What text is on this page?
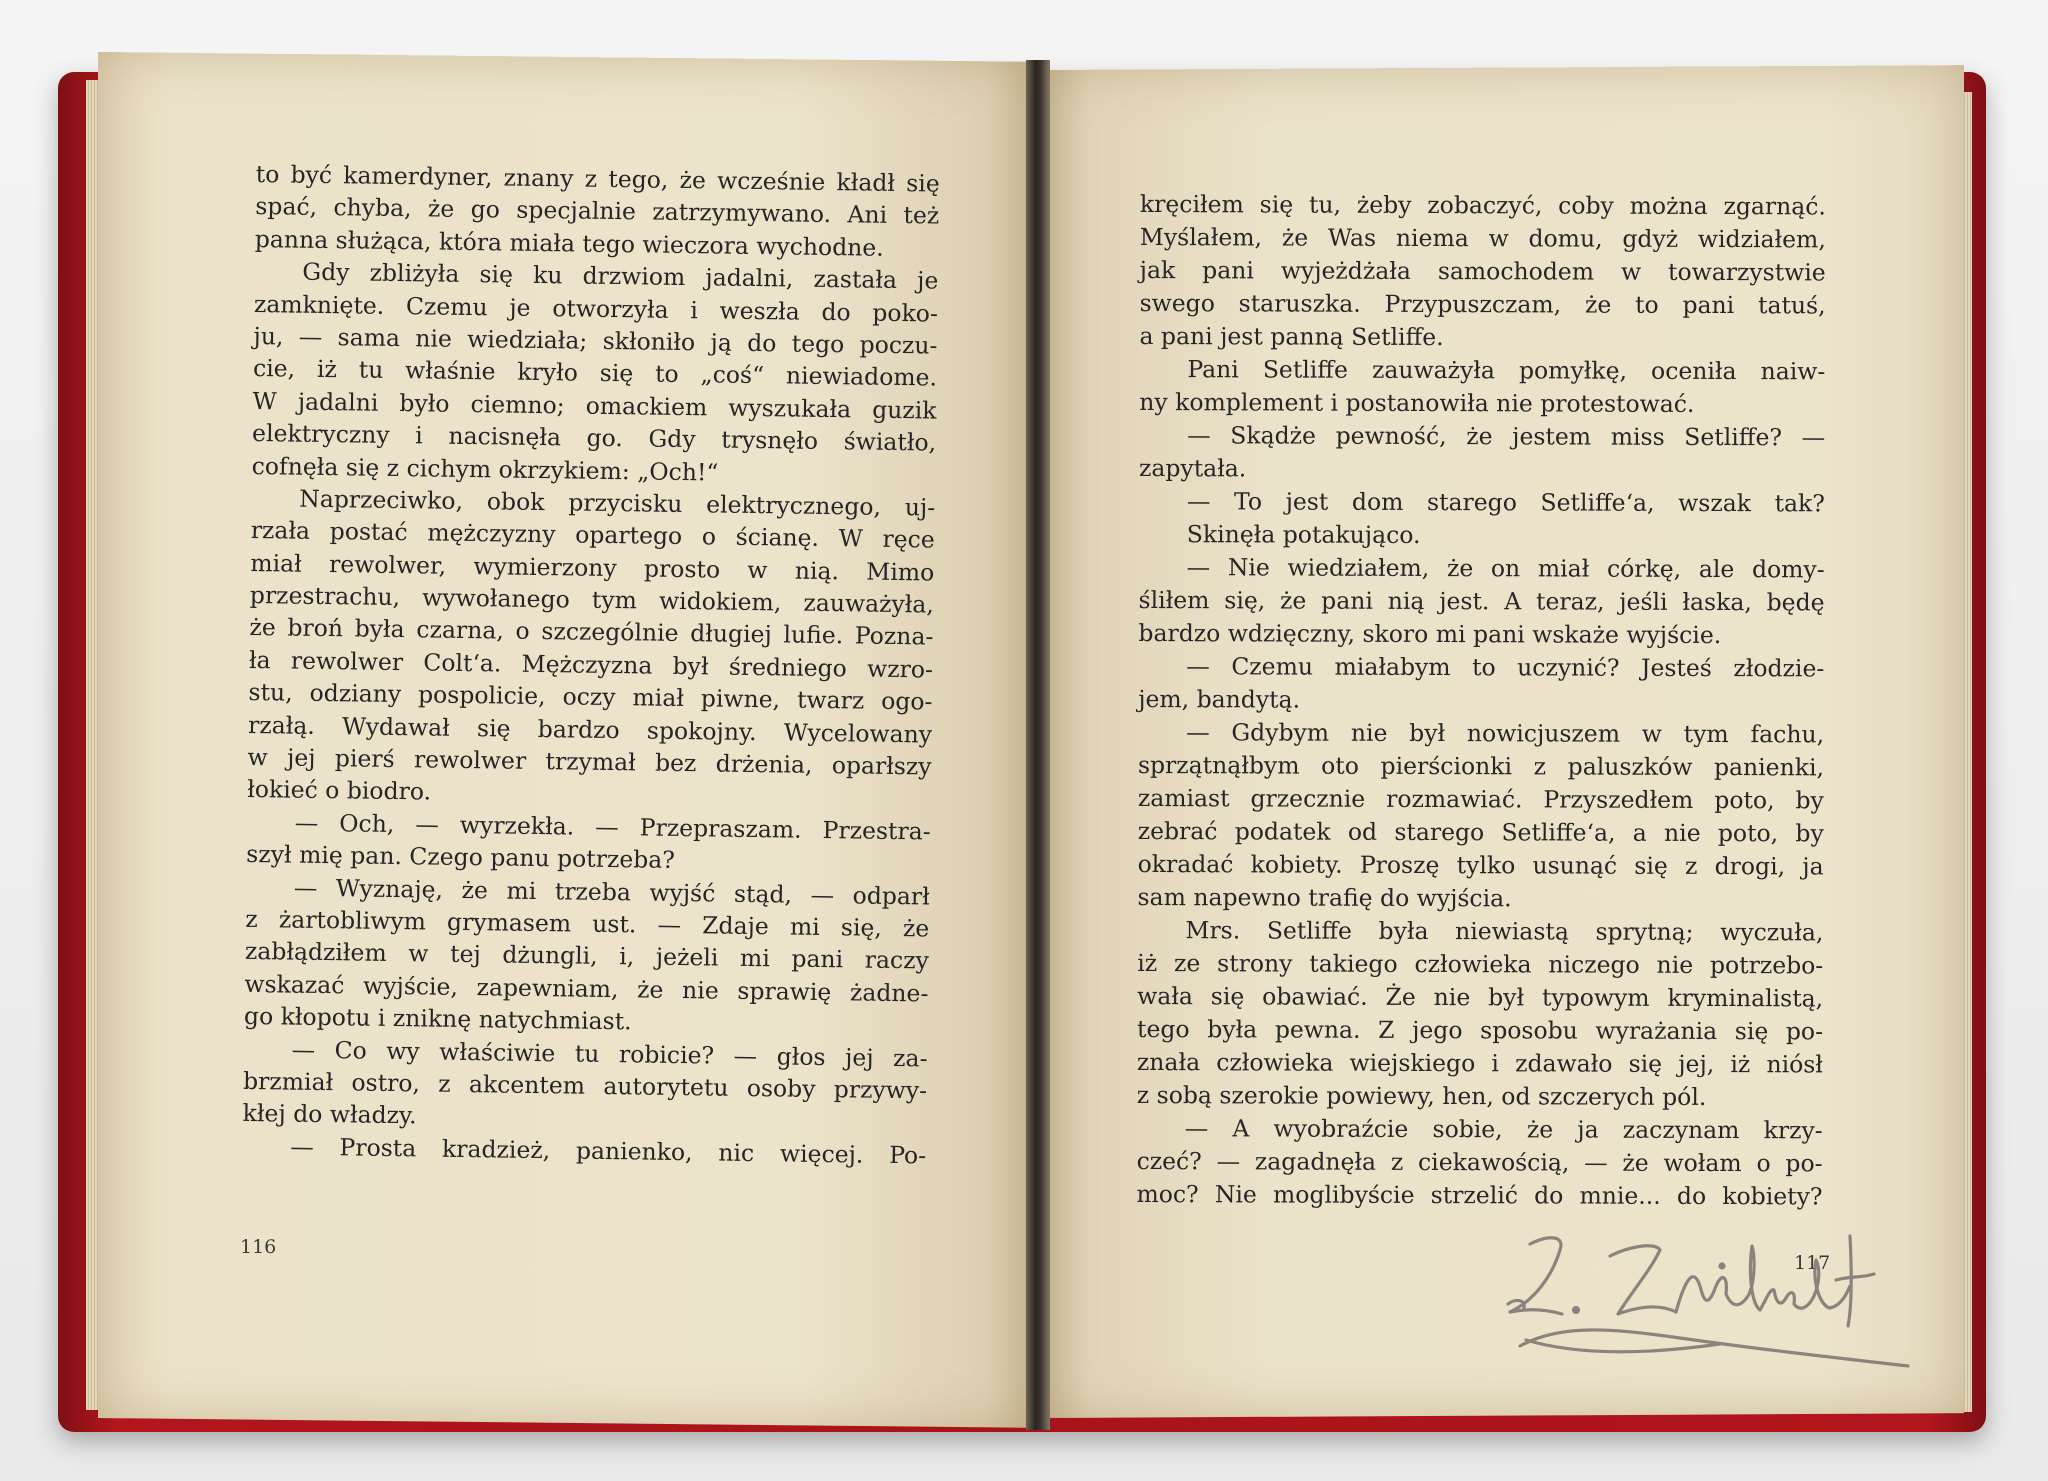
to być kamerdyner, znany z tego, że wcześnie kładł się
spać, chyba, że go specjalnie zatrzymywano. Ani też
panna służąca, która miała tego wieczora wychodne.
Gdy zbliżyła się ku drzwiom jadalni, zastała je
zamknięte. Czemu je otworzyła i weszła do poko-
ju, — sama nie wiedziała; skłoniło ją do tego poczu-
cie, iż tu właśnie kryło się to „coś“ niewiadome.
W jadalni było ciemno; omackiem wyszukała guzik
elektryczny i nacisnęła go. Gdy trysnęło światło,
cofnęła się z cichym okrzykiem: „Och!“
Naprzeciwko, obok przycisku elektrycznego, uj-
rzała postać mężczyzny opartego o ścianę. W ręce
miał rewolwer, wymierzony prosto w nią. Mimo
przestrachu, wywołanego tym widokiem, zauważyła,
że broń była czarna, o szczególnie długiej lufie. Pozna-
ła rewolwer Colt‘a. Mężczyzna był średniego wzro-
stu, odziany pospolicie, oczy miał piwne, twarz ogo-
rzałą. Wydawał się bardzo spokojny. Wycelowany
w jej pierś rewolwer trzymał bez drżenia, oparłszy
łokieć o biodro.
— Och, — wyrzekła. — Przepraszam. Przestra-
szył mię pan. Czego panu potrzeba?
— Wyznaję, że mi trzeba wyjść stąd, — odparł
z żartobliwym grymasem ust. — Zdaje mi się, że
zabłądziłem w tej dżungli, i, jeżeli mi pani raczy
wskazać wyjście, zapewniam, że nie sprawię żadne-
go kłopotu i zniknę natychmiast.
— Co wy właściwie tu robicie? — głos jej za-
brzmiał ostro, z akcentem autorytetu osoby przywy-
kłej do władzy.
— Prosta kradzież, panienko, nic więcej. Po-
116
kręciłem się tu, żeby zobaczyć, coby można zgarnąć.
Myślałem, że Was niema w domu, gdyż widziałem,
jak pani wyjeżdżała samochodem w towarzystwie
swego staruszka. Przypuszczam, że to pani tatuś,
a pani jest panną Setliffe.
Pani Setliffe zauważyła pomyłkę, oceniła naiw-
ny komplement i postanowiła nie protestować.
— Skądże pewność, że jestem miss Setliffe? —
zapytała.
— To jest dom starego Setliffe‘a, wszak tak?
Skinęła potakująco.
— Nie wiedziałem, że on miał córkę, ale domy-
śliłem się, że pani nią jest. A teraz, jeśli łaska, będę
bardzo wdzięczny, skoro mi pani wskaże wyjście.
— Czemu miałabym to uczynić? Jesteś złodzie-
jem, bandytą.
— Gdybym nie był nowicjuszem w tym fachu,
sprzątnąłbym oto pierścionki z paluszków panienki,
zamiast grzecznie rozmawiać. Przyszedłem poto, by
zebrać podatek od starego Setliffe‘a, a nie poto, by
okradać kobiety. Proszę tylko usunąć się z drogi, ja
sam napewno trafię do wyjścia.
Mrs. Setliffe była niewiastą sprytną; wyczuła,
iż ze strony takiego człowieka niczego nie potrzebo-
wała się obawiać. Że nie był typowym kryminalistą,
tego była pewna. Z jego sposobu wyrażania się po-
znała człowieka wiejskiego i zdawało się jej, iż niósł
z sobą szerokie powiewy, hen, od szczerych pól.
— A wyobraźcie sobie, że ja zaczynam krzy-
czeć? — zagadnęła z ciekawością, — że wołam o po-
moc? Nie moglibyście strzelić do mnie... do kobiety?
117
